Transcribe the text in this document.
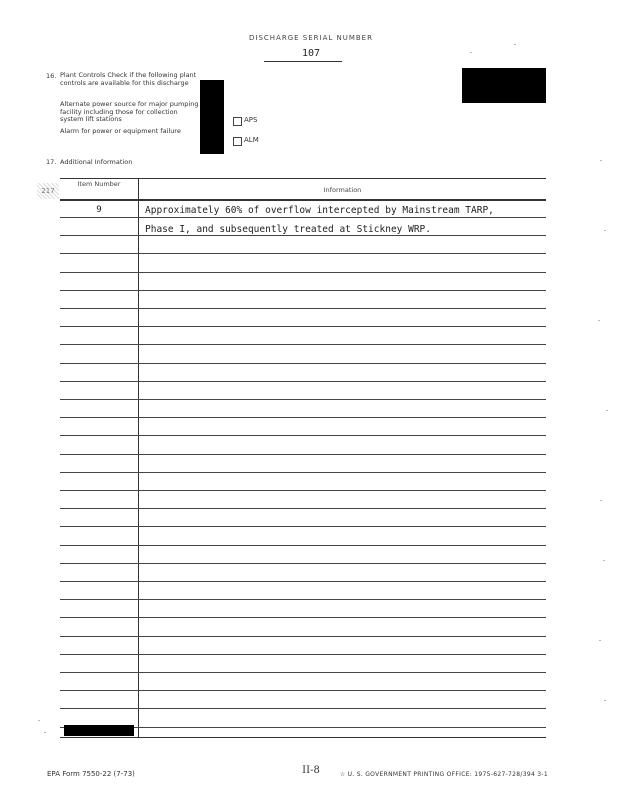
DISCHARGE SERIAL NUMBER
107
16. Plant Controls Check if the following plant controls are available for this discharge
Alternate power source for major pumping facility including those for collection system lift stations
Alarm for power or equipment failure
APS
ALM
17. Additional Information
217
Item Number
Information
9	Approximately 60% of overflow intercepted by Mainstream TARP,
Phase I, and subsequently treated at Stickney WRP.
EPA Form 7550-22 (7-73)	II-8	☆ U. S. GOVERNMENT PRINTING OFFICE: 1975-627-728/394 3-1
